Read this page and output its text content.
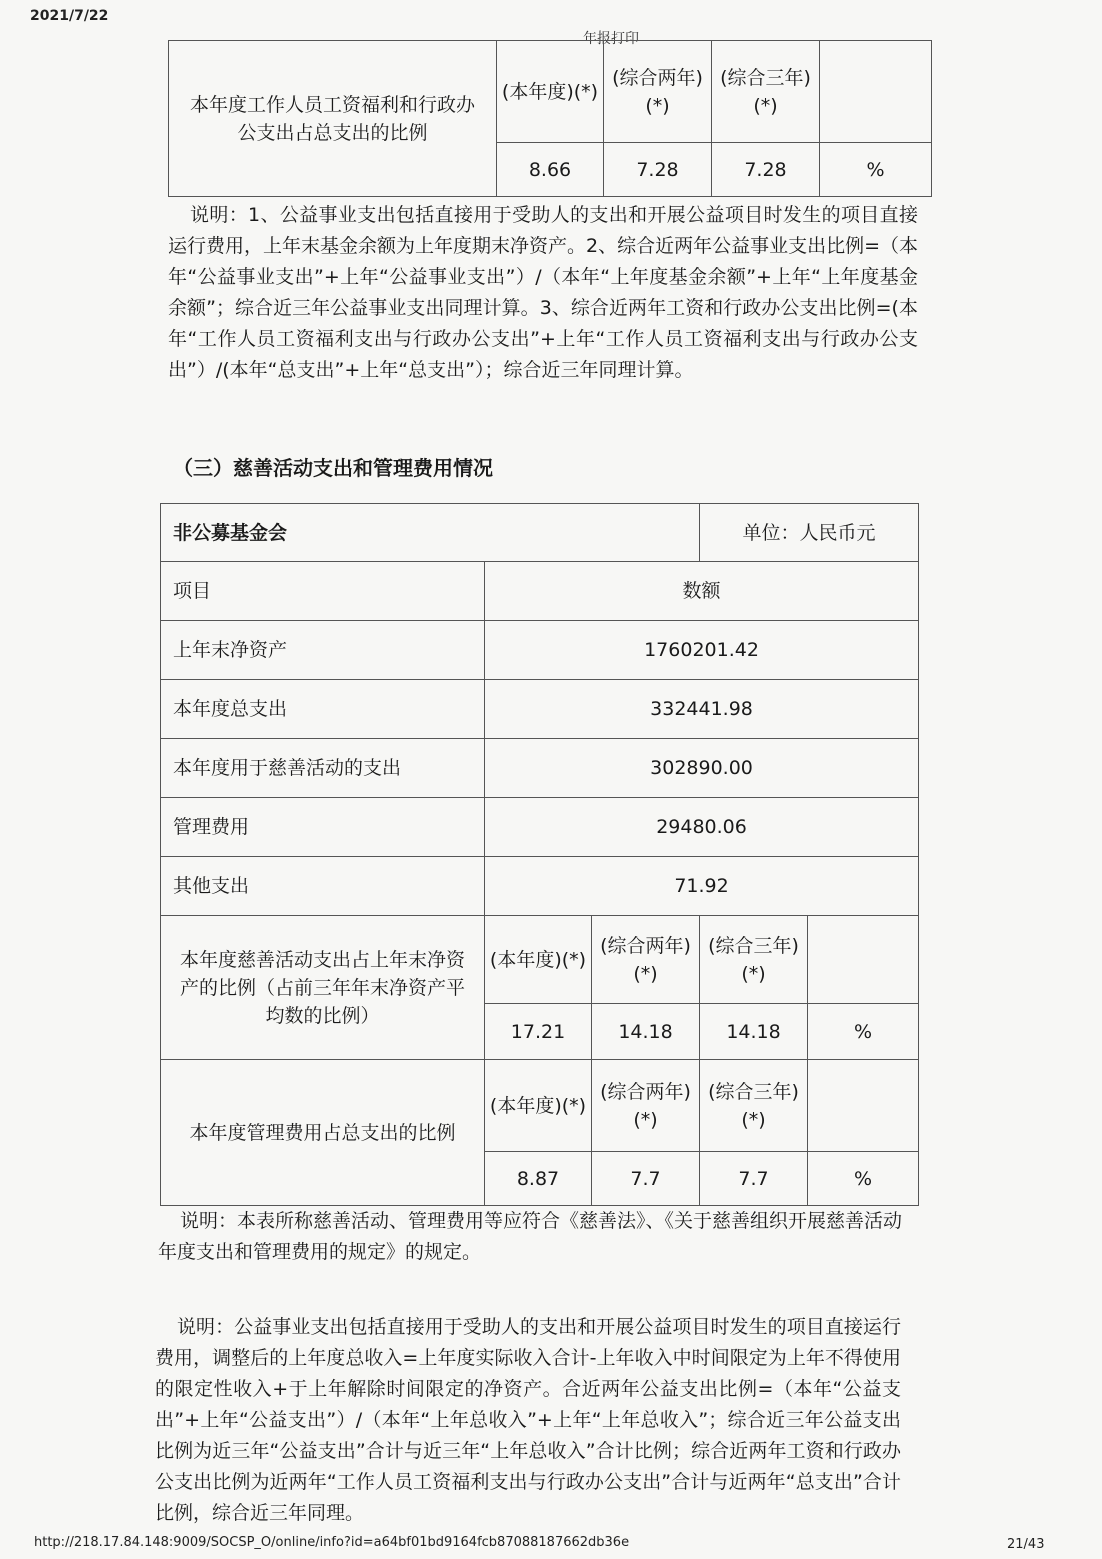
2021/7/22
年报打印
本年度工作人员工资福利和行政办公支出占总支出的比例	(本年度)(*)	(综合两年)(*)	(综合三年)(*)	
	8.66	7.28	7.28	%
说明：1、公益事业支出包括直接用于受助人的支出和开展公益项目时发生的项目直接运行费用，上年末基金余额为上年度期末净资产。2、综合近两年公益事业支出比例=（本年“公益事业支出”+上年“公益事业支出”）/（本年“上年度基金余额”+上年“上年度基金余额”；综合近三年公益事业支出同理计算。3、综合近两年工资和行政办公支出比例=(本年“工作人员工资福利支出与行政办公支出”+上年“工作人员工资福利支出与行政办公支出”）/(本年“总支出”+上年“总支出”）；综合近三年同理计算。
（三）慈善活动支出和管理费用情况
非公募基金会			单位：人民币元	
项目	数额			
上年末净资产	1760201.42			
本年度总支出	332441.98			
本年度用于慈善活动的支出	302890.00			
管理费用	29480.06			
其他支出	71.92			
本年度慈善活动支出占上年末净资产的比例（占前三年年末净资产平均数的比例）	(本年度)(*)	(综合两年)(*)	(综合三年)(*)	
	17.21	14.18	14.18	%
本年度管理费用占总支出的比例	(本年度)(*)	(综合两年)(*)	(综合三年)(*)	
	8.87	7.7	7.7	%
说明：本表所称慈善活动、管理费用等应符合《慈善法》、《关于慈善组织开展慈善活动年度支出和管理费用的规定》的规定。
说明：公益事业支出包括直接用于受助人的支出和开展公益项目时发生的项目直接运行费用，调整后的上年度总收入=上年度实际收入合计-上年收入中时间限定为上年不得使用的限定性收入+于上年解除时间限定的净资产。合近两年公益支出比例=（本年“公益支出”+上年“公益支出”）/（本年“上年总收入”+上年“上年总收入”；综合近三年公益支出比例为近三年“公益支出”合计与近三年“上年总收入”合计比例；综合近两年工资和行政办公支出比例为近两年“工作人员工资福利支出与行政办公支出”合计与近两年“总支出”合计比例，综合近三年同理。
http://218.17.84.148:9009/SOCSP_O/online/info?id=a64bf01bd9164fcb87088187662db36e	21/43
